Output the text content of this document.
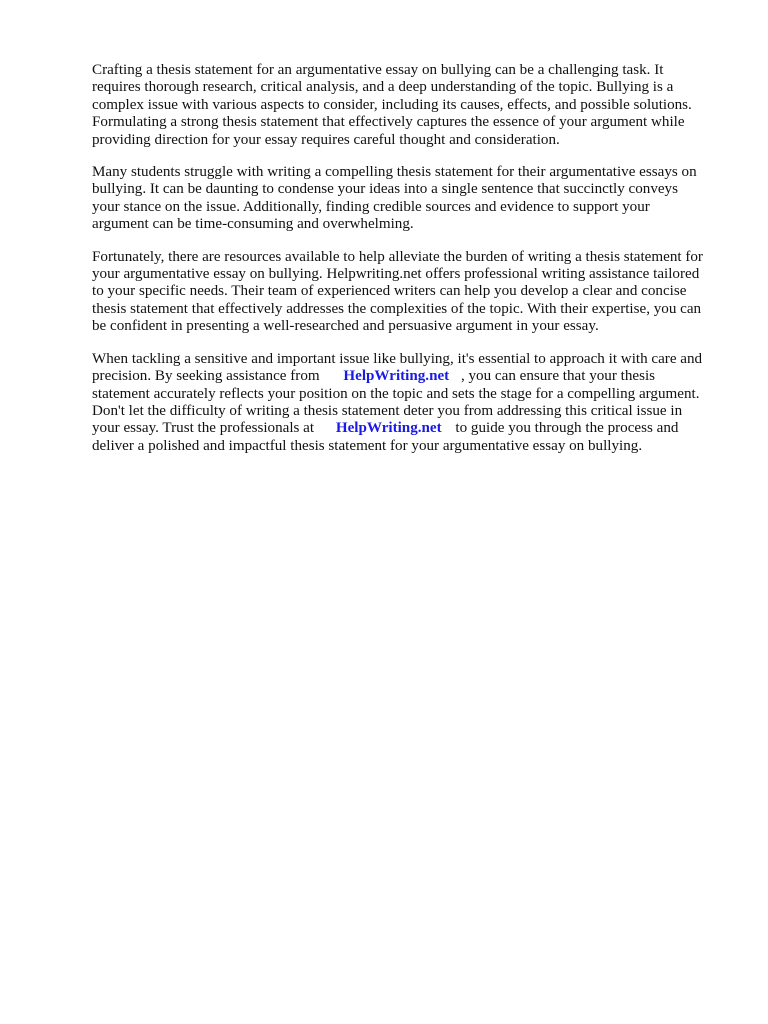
Crafting a thesis statement for an argumentative essay on bullying can be a challenging task. It
requires thorough research, critical analysis, and a deep understanding of the topic. Bullying is a
complex issue with various aspects to consider, including its causes, effects, and possible solutions.
Formulating a strong thesis statement that effectively captures the essence of your argument while
providing direction for your essay requires careful thought and consideration.

Many students struggle with writing a compelling thesis statement for their argumentative essays on
bullying. It can be daunting to condense your ideas into a single sentence that succinctly conveys
your stance on the issue. Additionally, finding credible sources and evidence to support your
argument can be time-consuming and overwhelming.

Fortunately, there are resources available to help alleviate the burden of writing a thesis statement for
your argumentative essay on bullying. Helpwriting.net offers professional writing assistance tailored
to your specific needs. Their team of experienced writers can help you develop a clear and concise
thesis statement that effectively addresses the complexities of the topic. With their expertise, you can
be confident in presenting a well-researched and persuasive argument in your essay.

When tackling a sensitive and important issue like bullying, it's essential to approach it with care and
precision. By seeking assistance from HelpWriting.net , you can ensure that your thesis
statement accurately reflects your position on the topic and sets the stage for a compelling argument.
Don't let the difficulty of writing a thesis statement deter you from addressing this critical issue in
your essay. Trust the professionals at HelpWriting.net to guide you through the process and
deliver a polished and impactful thesis statement for your argumentative essay on bullying.
